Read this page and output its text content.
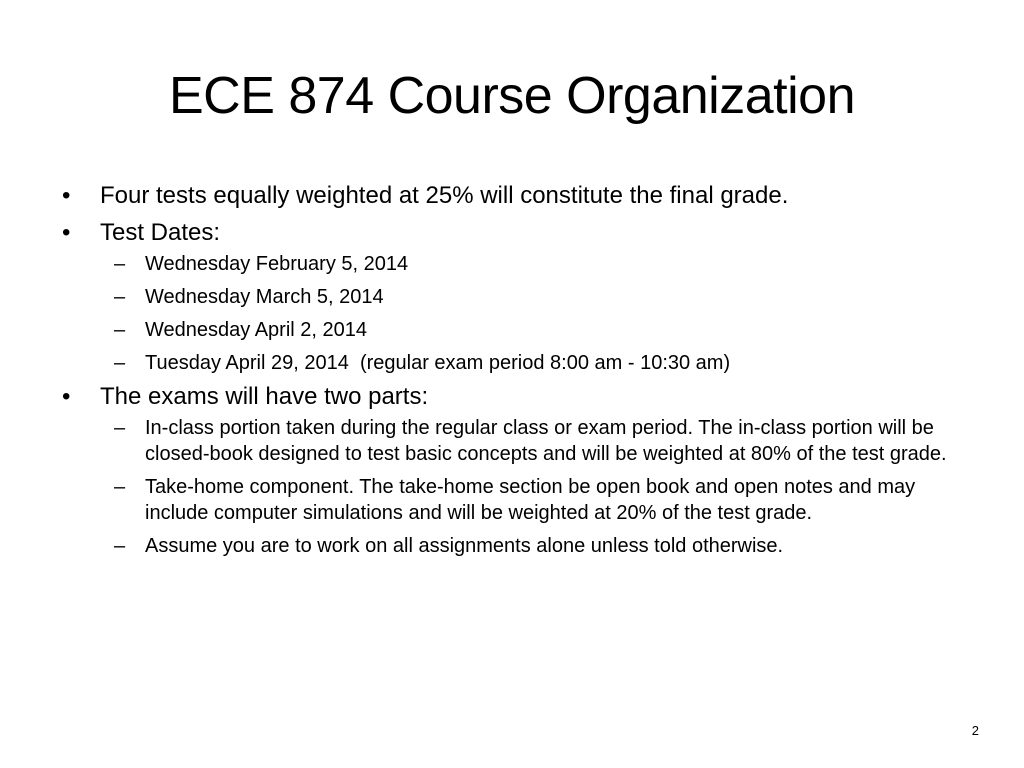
ECE 874 Course Organization
•	Four tests equally weighted at 25% will constitute the final grade.
•	Test Dates:
– Wednesday February 5, 2014
– Wednesday March 5, 2014
– Wednesday April 2, 2014
– Tuesday April 29, 2014  (regular exam period 8:00 am - 10:30 am)
•	The exams will have two parts:
– In-class portion taken during the regular class or exam period. The in-class portion will be closed-book designed to test basic concepts and will be weighted at 80% of the test grade.
– Take-home component. The take-home section be open book and open notes and may include computer simulations and will be weighted at 20% of the test grade.
– Assume you are to work on all assignments alone unless told otherwise.
2
